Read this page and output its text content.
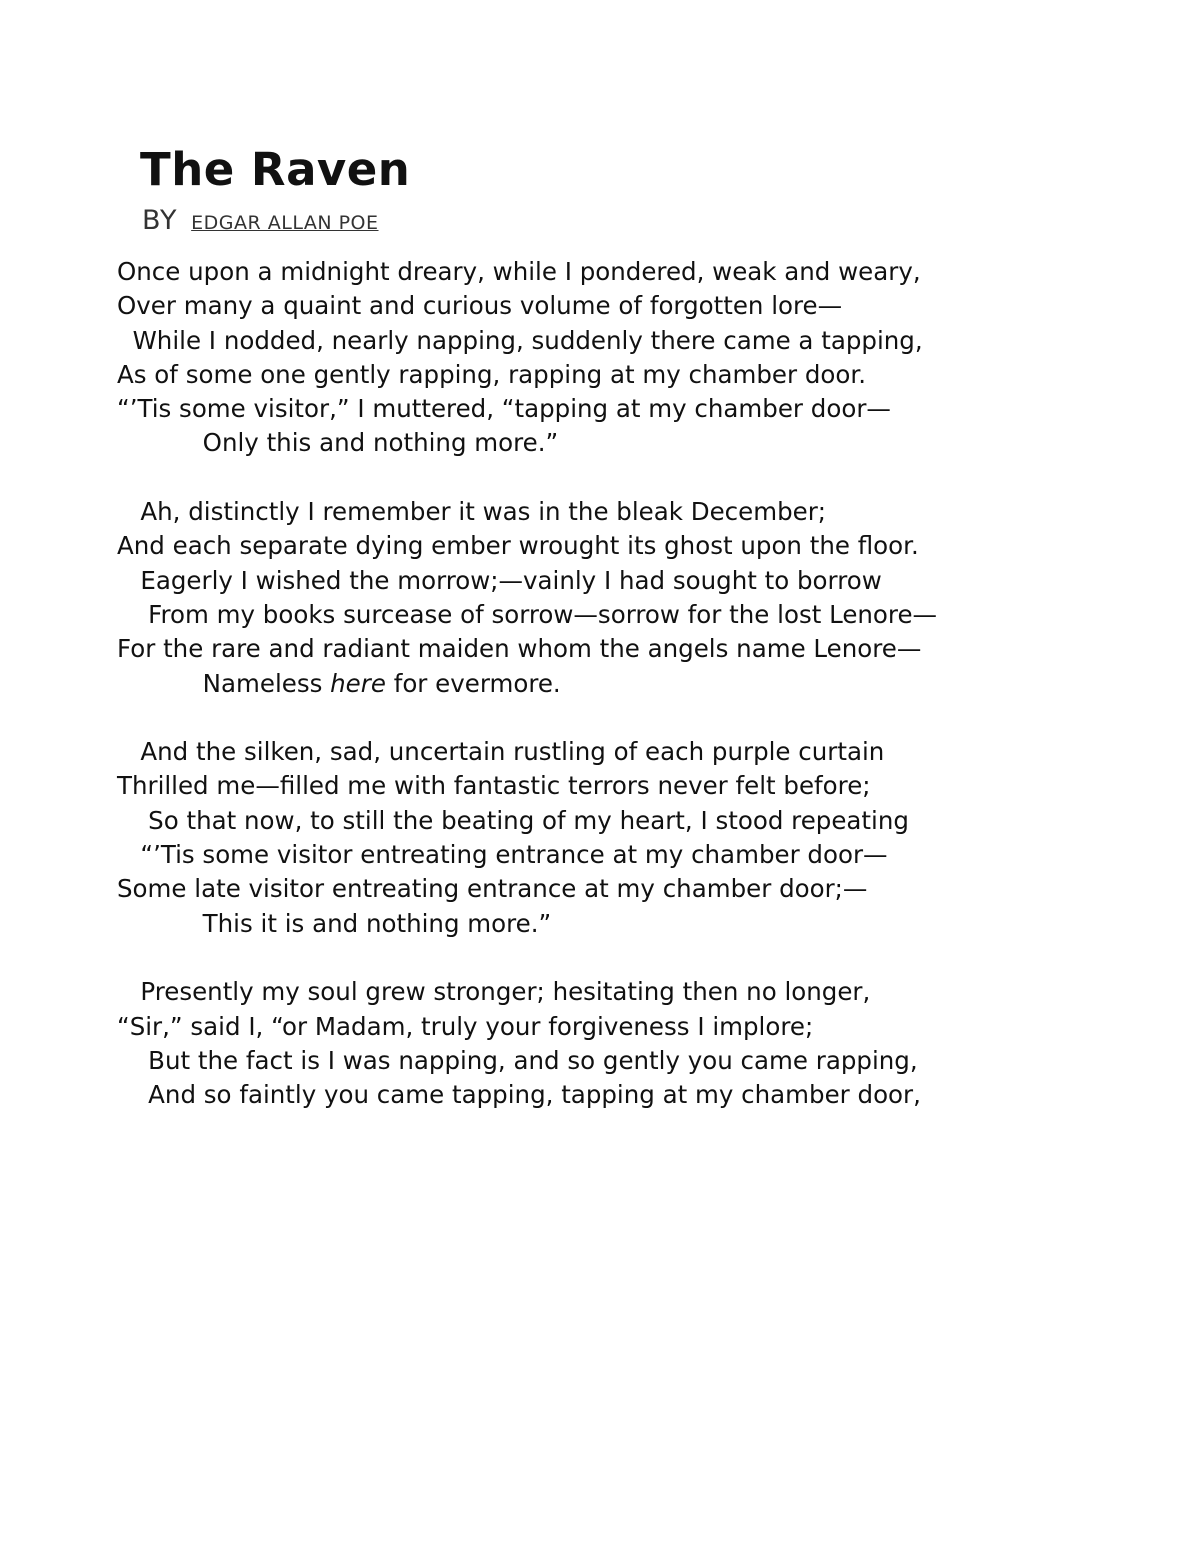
The Raven
BY EDGAR ALLAN POE
Once upon a midnight dreary, while I pondered, weak and weary,
Over many a quaint and curious volume of forgotten lore—
While I nodded, nearly napping, suddenly there came a tapping,
As of some one gently rapping, rapping at my chamber door.
“’Tis some visitor,” I muttered, “tapping at my chamber door—
Only this and nothing more.”
Ah, distinctly I remember it was in the bleak December;
And each separate dying ember wrought its ghost upon the floor.
Eagerly I wished the morrow;—vainly I had sought to borrow
From my books surcease of sorrow—sorrow for the lost Lenore—
For the rare and radiant maiden whom the angels name Lenore—
Nameless here for evermore.
And the silken, sad, uncertain rustling of each purple curtain
Thrilled me—filled me with fantastic terrors never felt before;
So that now, to still the beating of my heart, I stood repeating
“’Tis some visitor entreating entrance at my chamber door—
Some late visitor entreating entrance at my chamber door;—
This it is and nothing more.”
Presently my soul grew stronger; hesitating then no longer,
“Sir,” said I, “or Madam, truly your forgiveness I implore;
But the fact is I was napping, and so gently you came rapping,
And so faintly you came tapping, tapping at my chamber door,
